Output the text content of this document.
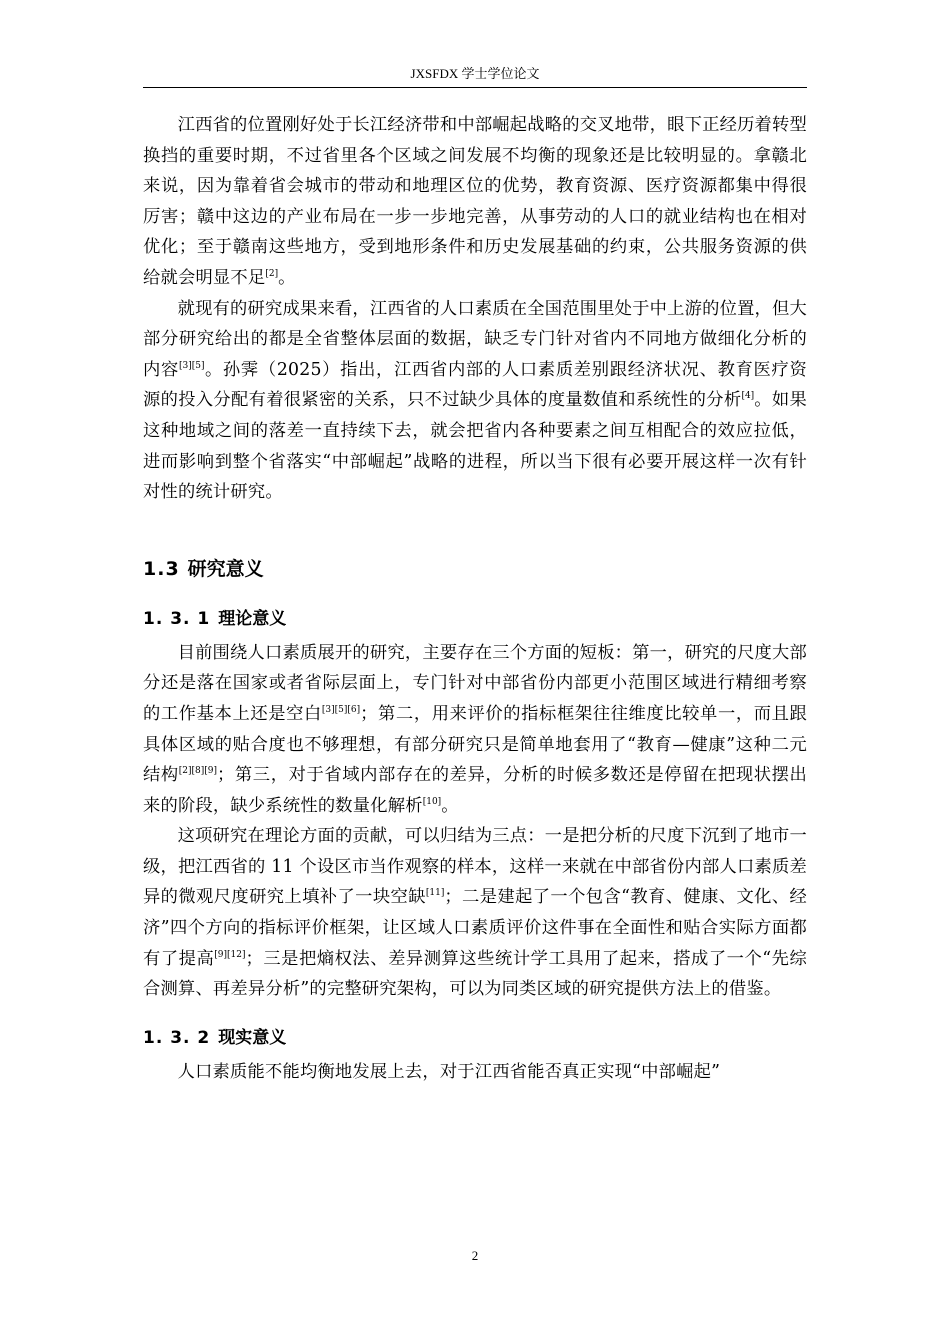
JXSFDX 学士学位论文

江西省的位置刚好处于长江经济带和中部崛起战略的交叉地带，眼下正经历着转型换挡的重要时期，不过省里各个区域之间发展不均衡的现象还是比较明显的。拿赣北来说，因为靠着省会城市的带动和地理区位的优势，教育资源、医疗资源都集中得很厉害；赣中这边的产业布局在一步一步地完善，从事劳动的人口的就业结构也在相对优化；至于赣南这些地方，受到地形条件和历史发展基础的约束，公共服务资源的供给就会明显不足[2]。

就现有的研究成果来看，江西省的人口素质在全国范围里处于中上游的位置，但大部分研究给出的都是全省整体层面的数据，缺乏专门针对省内不同地方做细化分析的内容[3][5]。孙霁（2025）指出，江西省内部的人口素质差别跟经济状况、教育医疗资源的投入分配有着很紧密的关系，只不过缺少具体的度量数值和系统性的分析[4]。如果这种地域之间的落差一直持续下去，就会把省内各种要素之间互相配合的效应拉低，进而影响到整个省落实“中部崛起”战略的进程，所以当下很有必要开展这样一次有针对性的统计研究。

1.3 研究意义
1. 3. 1 理论意义

目前围绕人口素质展开的研究，主要存在三个方面的短板：第一，研究的尺度大部分还是落在国家或者省际层面上，专门针对中部省份内部更小范围区域进行精细考察的工作基本上还是空白[3][5][6]；第二，用来评价的指标框架往往维度比较单一，而且跟具体区域的贴合度也不够理想，有部分研究只是简单地套用了“教育—健康”这种二元结构[2][8][9]；第三，对于省域内部存在的差异，分析的时候多数还是停留在把现状摆出来的阶段，缺少系统性的数量化解析[10]。

这项研究在理论方面的贡献，可以归结为三点：一是把分析的尺度下沉到了地市一级，把江西省的 11 个设区市当作观察的样本，这样一来就在中部省份内部人口素质差异的微观尺度研究上填补了一块空缺[11]；二是建起了一个包含“教育、健康、文化、经济”四个方向的指标评价框架，让区域人口素质评价这件事在全面性和贴合实际方面都有了提高[9][12]；三是把熵权法、差异测算这些统计学工具用了起来，搭成了一个“先综合测算、再差异分析”的完整研究架构，可以为同类区域的研究提供方法上的借鉴。

1. 3. 2 现实意义

人口素质能不能均衡地发展上去，对于江西省能否真正实现“中部崛起”

2
